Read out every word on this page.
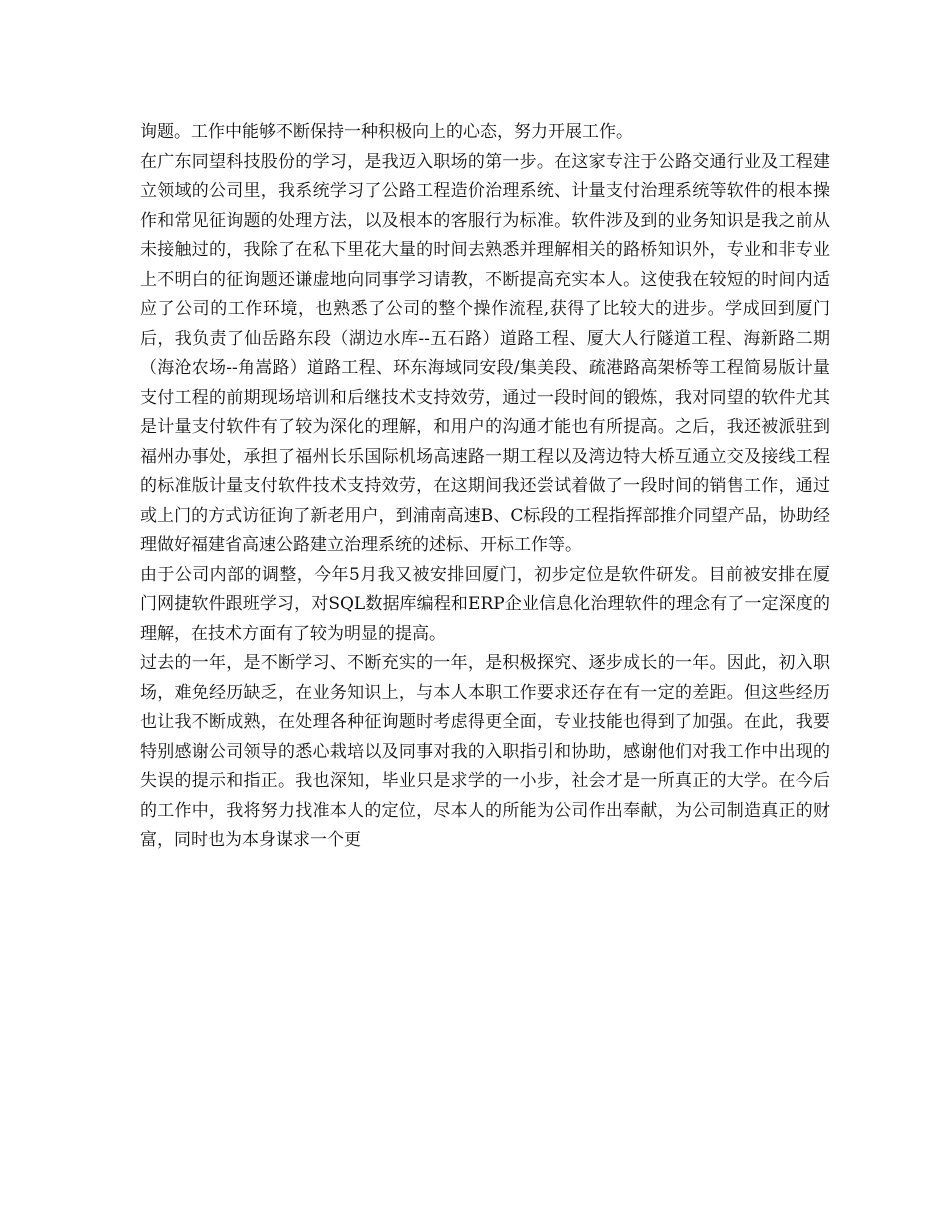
询题。工作中能够不断保持一种积极向上的心态，努力开展工作。

在广东同望科技股份的学习，是我迈入职场的第一步。在这家专注于公路交通行业及工程建立领域的公司里，我系统学习了公路工程造价治理系统、计量支付治理系统等软件的根本操作和常见征询题的处理方法，以及根本的客服行为标准。软件涉及到的业务知识是我之前从未接触过的，我除了在私下里花大量的时间去熟悉并理解相关的路桥知识外，专业和非专业上不明白的征询题还谦虚地向同事学习请教，不断提高充实本人。这使我在较短的时间内适应了公司的工作环境，也熟悉了公司的整个操作流程,获得了比较大的进步。学成回到厦门后，我负责了仙岳路东段（湖边水库--五石路）道路工程、厦大人行隧道工程、海新路二期（海沧农场--角嵩路）道路工程、环东海域同安段/集美段、疏港路高架桥等工程简易版计量支付工程的前期现场培训和后继技术支持效劳，通过一段时间的锻炼，我对同望的软件尤其是计量支付软件有了较为深化的理解，和用户的沟通才能也有所提高。之后，我还被派驻到福州办事处，承担了福州长乐国际机场高速路一期工程以及湾边特大桥互通立交及接线工程的标准版计量支付软件技术支持效劳，在这期间我还尝试着做了一段时间的销售工作，通过或上门的方式访征询了新老用户，到浦南高速B、C标段的工程指挥部推介同望产品，协助经理做好福建省高速公路建立治理系统的述标、开标工作等。

由于公司内部的调整，今年5月我又被安排回厦门，初步定位是软件研发。目前被安排在厦门网捷软件跟班学习，对SQL数据库编程和ERP企业信息化治理软件的理念有了一定深度的理解，在技术方面有了较为明显的提高。

过去的一年，是不断学习、不断充实的一年，是积极探究、逐步成长的一年。因此，初入职场，难免经历缺乏，在业务知识上，与本人本职工作要求还存在有一定的差距。但这些经历也让我不断成熟，在处理各种征询题时考虑得更全面，专业技能也得到了加强。在此，我要特别感谢公司领导的悉心栽培以及同事对我的入职指引和协助，感谢他们对我工作中出现的失误的提示和指正。我也深知，毕业只是求学的一小步，社会才是一所真正的大学。在今后的工作中，我将努力找准本人的定位，尽本人的所能为公司作出奉献，为公司制造真正的财富，同时也为本身谋求一个更
